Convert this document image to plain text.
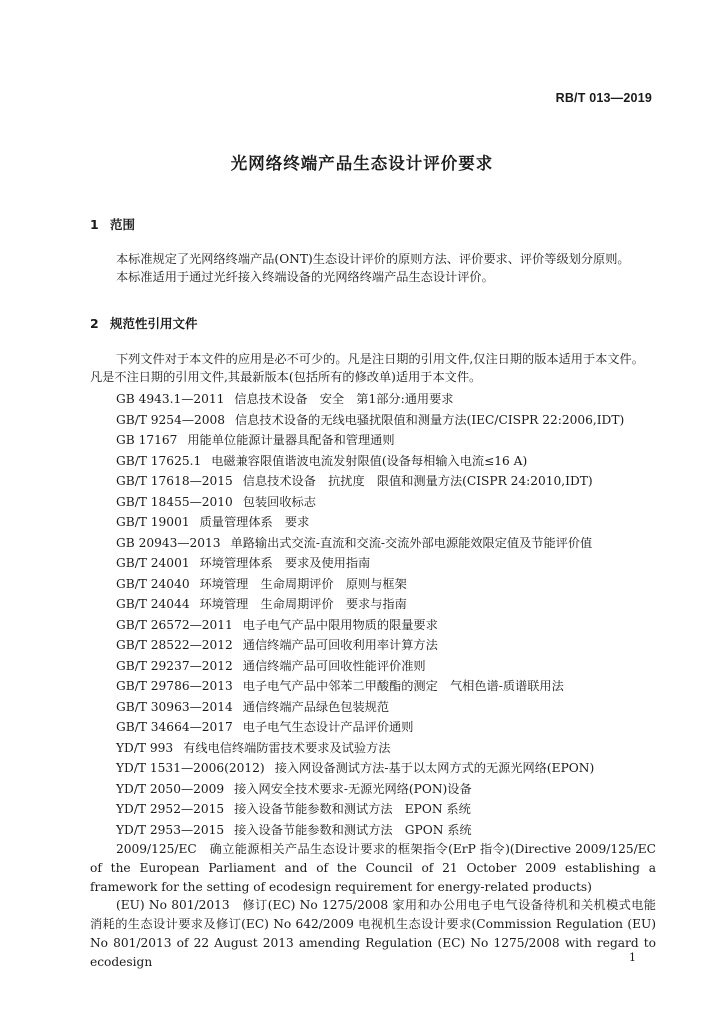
RB/T 013—2019
光网络终端产品生态设计评价要求
1 范围

本标准规定了光网络终端产品(ONT)生态设计评价的原则方法、评价要求、评价等级划分原则。

本标准适用于通过光纤接入终端设备的光网络终端产品生态设计评价。

2 规范性引用文件

下列文件对于本文件的应用是必不可少的。凡是注日期的引用文件,仅注日期的版本适用于本文件。凡是不注日期的引用文件,其最新版本(包括所有的修改单)适用于本文件。

GB 4943.1—2011 信息技术设备　安全　第1部分:通用要求
GB/T 9254—2008 信息技术设备的无线电骚扰限值和测量方法(IEC/CISPR 22:2006,IDT)
GB 17167 用能单位能源计量器具配备和管理通则
GB/T 17625.1 电磁兼容限值谐波电流发射限值(设备每相输入电流≤16 A)
GB/T 17618—2015 信息技术设备　抗扰度　限值和测量方法(CISPR 24:2010,IDT)
GB/T 18455—2010 包装回收标志
GB/T 19001 质量管理体系　要求
GB 20943—2013 单路输出式交流-直流和交流-交流外部电源能效限定值及节能评价值
GB/T 24001 环境管理体系　要求及使用指南
GB/T 24040 环境管理　生命周期评价　原则与框架
GB/T 24044 环境管理　生命周期评价　要求与指南
GB/T 26572—2011 电子电气产品中限用物质的限量要求
GB/T 28522—2012 通信终端产品可回收利用率计算方法
GB/T 29237—2012 通信终端产品可回收性能评价准则
GB/T 29786—2013 电子电气产品中邻苯二甲酸酯的测定　气相色谱-质谱联用法
GB/T 30963—2014 通信终端产品绿色包装规范
GB/T 34664—2017 电子电气生态设计产品评价通则
YD/T 993 有线电信终端防雷技术要求及试验方法
YD/T 1531—2006(2012) 接入网设备测试方法-基于以太网方式的无源光网络(EPON)
YD/T 2050—2009 接入网安全技术要求-无源光网络(PON)设备
YD/T 2952—2015 接入设备节能参数和测试方法　EPON 系统
YD/T 2953—2015 接入设备节能参数和测试方法　GPON 系统

2009/125/EC　确立能源相关产品生态设计要求的框架指令(ErP 指令)(Directive 2009/125/EC of the European Parliament and of the Council of 21 October 2009 establishing a framework for the setting of ecodesign requirement for energy-related products)

(EU) No 801/2013　修订(EC) No 1275/2008 家用和办公用电子电气设备待机和关机模式电能消耗的生态设计要求及修订(EC) No 642/2009 电视机生态设计要求(Commission Regulation (EU) No 801/2013 of 22 August 2013 amending Regulation (EC) No 1275/2008 with regard to ecodesign	1
